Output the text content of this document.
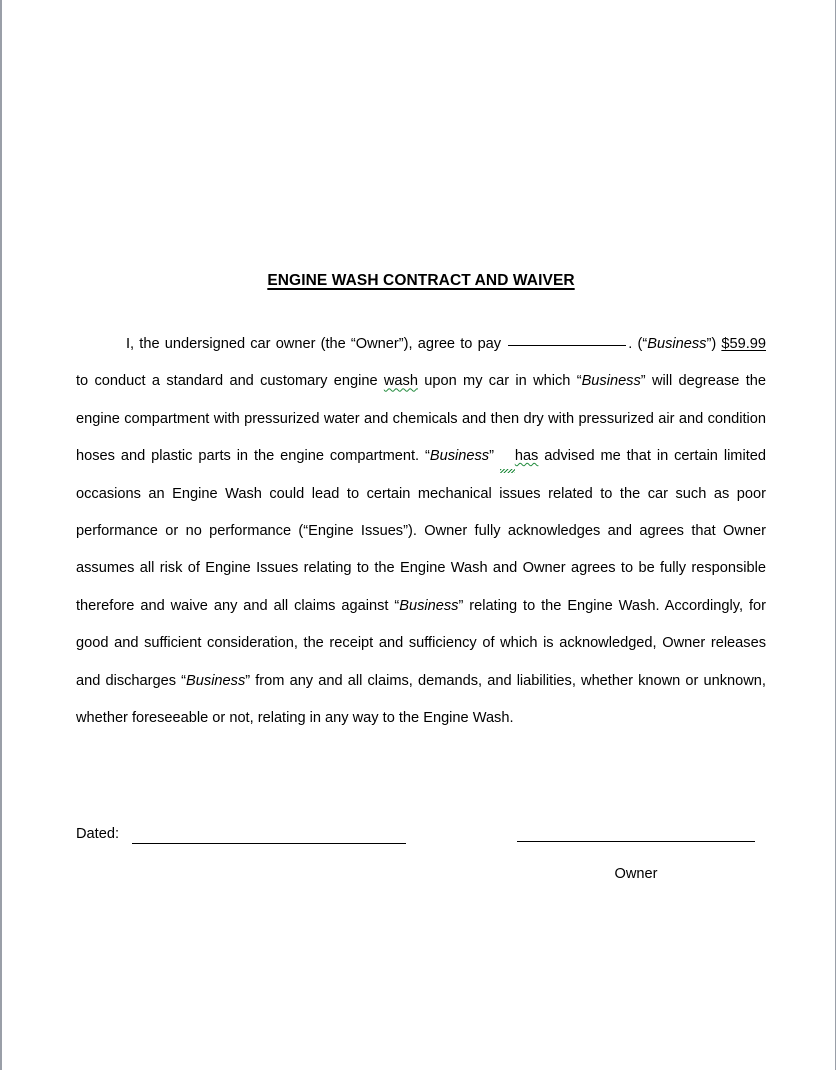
ENGINE WASH CONTRACT AND WAIVER

I, the undersigned car owner (the “Owner”), agree to pay	. (“Business”) $59.99 to conduct a standard and customary engine wash upon my car in which “Business” will degrease the engine compartment with pressurized water and chemicals and then dry with pressurized air and condition hoses and plastic parts in the engine compartment. “Business” has advised me that in certain limited occasions an Engine Wash could lead to certain mechanical issues related to the car such as poor performance or no performance (“Engine Issues”). Owner fully acknowledges and agrees that Owner assumes all risk of Engine Issues relating to the Engine Wash and Owner agrees to be fully responsible therefore and waive any and all claims against “Business” relating to the Engine Wash. Accordingly, for good and sufficient consideration, the receipt and sufficiency of which is acknowledged, Owner releases and discharges “Business” from any and all claims, demands, and liabilities, whether known or unknown, whether foreseeable or not, relating in any way to the Engine Wash.

Dated:
Owner
